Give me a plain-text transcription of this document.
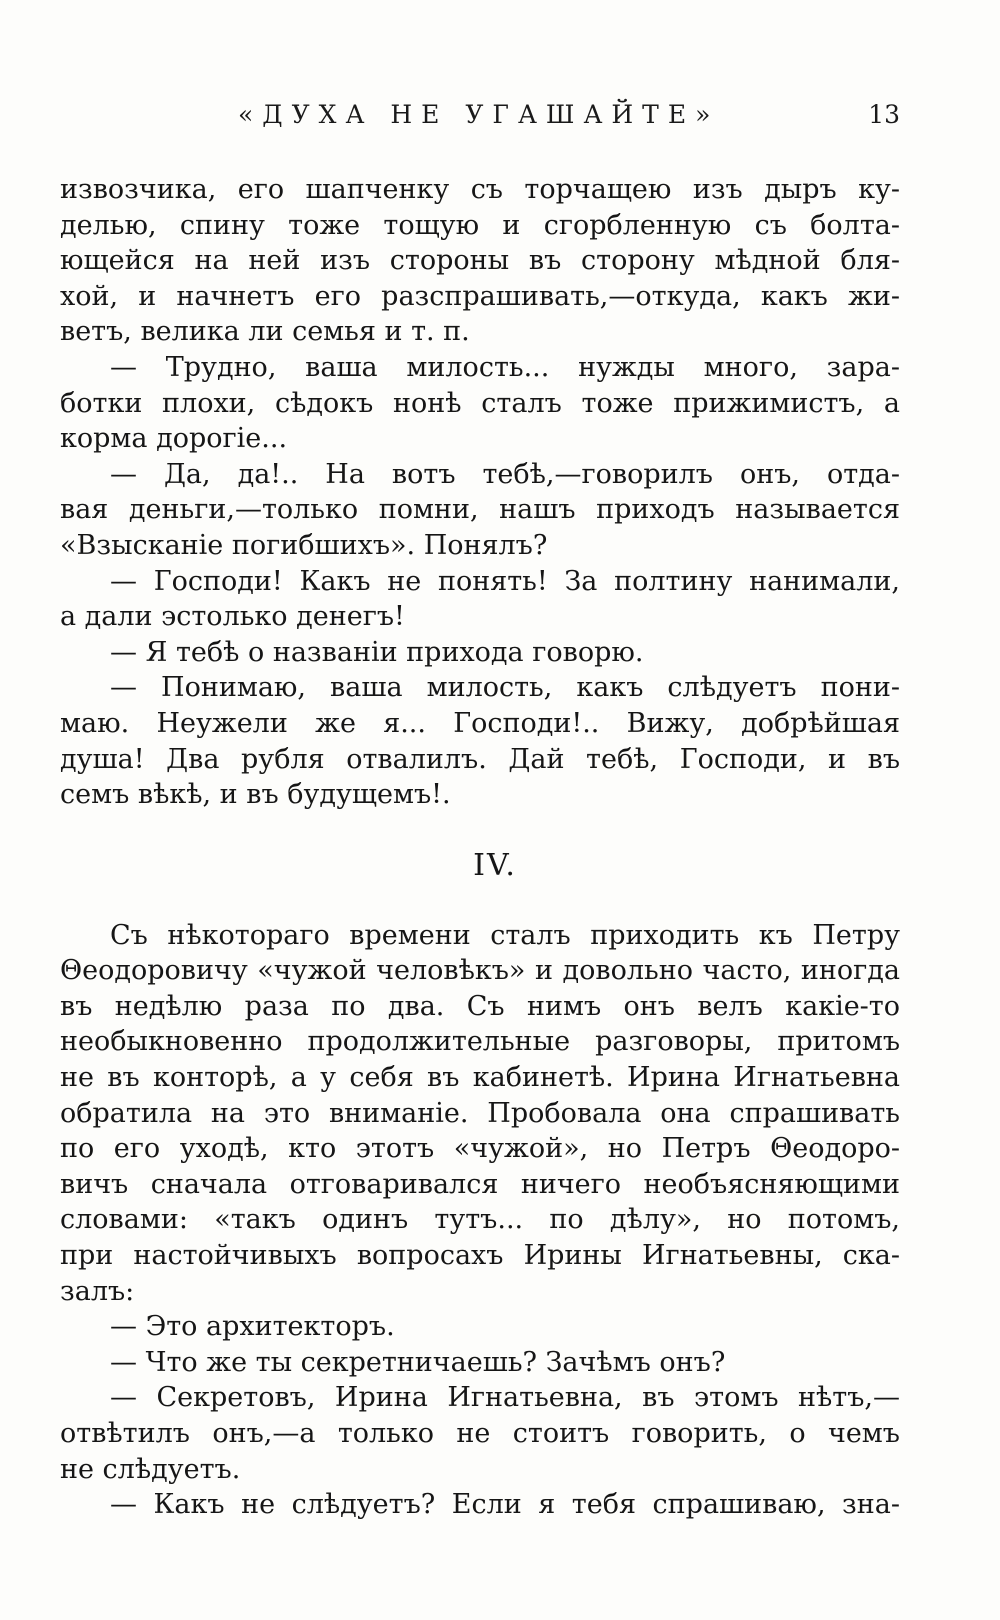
«ДУХА НЕ УГАШАЙТЕ»	13
извозчика, его шапченку съ торчащею изъ дыръ ку-
делью, спину тоже тощую и сгорбленную съ болта-
ющейся на ней изъ стороны въ сторону мѣдной бля-
хой, и начнетъ его разспрашивать,—откуда, какъ жи-
ветъ, велика ли семья и т. п.
— Трудно, ваша милость... нужды много, зара-
ботки плохи, сѣдокъ нонѣ сталъ тоже прижимистъ, а
корма дорогіе...
— Да, да!.. На вотъ тебѣ,—говорилъ онъ, отда-
вая деньги,—только помни, нашъ приходъ называется
«Взысканіе погибшихъ». Понялъ?
— Господи! Какъ не понять! За полтину нанимали,
а дали эстолько денегъ!
— Я тебѣ о названіи прихода говорю.
— Понимаю, ваша милость, какъ слѣдуетъ пони-
маю. Неужели же я... Господи!.. Вижу, добрѣйшая
душа! Два рубля отвалилъ. Дай тебѣ, Господи, и въ
семъ вѣкѣ, и въ будущемъ!.
IV.
Съ нѣкотораго времени сталъ приходить къ Петру
Θеодоровичу «чужой человѣкъ» и довольно часто, иногда
въ недѣлю раза по два. Съ нимъ онъ велъ какіе-то
необыкновенно продолжительные разговоры, притомъ
не въ конторѣ, а у себя въ кабинетѣ. Ирина Игнатьевна
обратила на это вниманіе. Пробовала она спрашивать
по его уходѣ, кто этотъ «чужой», но Петръ Θеодоро-
вичъ сначала отговаривался ничего необъясняющими
словами: «такъ одинъ тутъ... по дѣлу», но потомъ,
при настойчивыхъ вопросахъ Ирины Игнатьевны, ска-
залъ:
— Это архитекторъ.
— Что же ты секретничаешь? Зачѣмъ онъ?
— Секретовъ, Ирина Игнатьевна, въ этомъ нѣтъ,—
отвѣтилъ онъ,—а только не стоитъ говорить, о чемъ
не слѣдуетъ.
— Какъ не слѣдуетъ? Если я тебя спрашиваю, зна-
